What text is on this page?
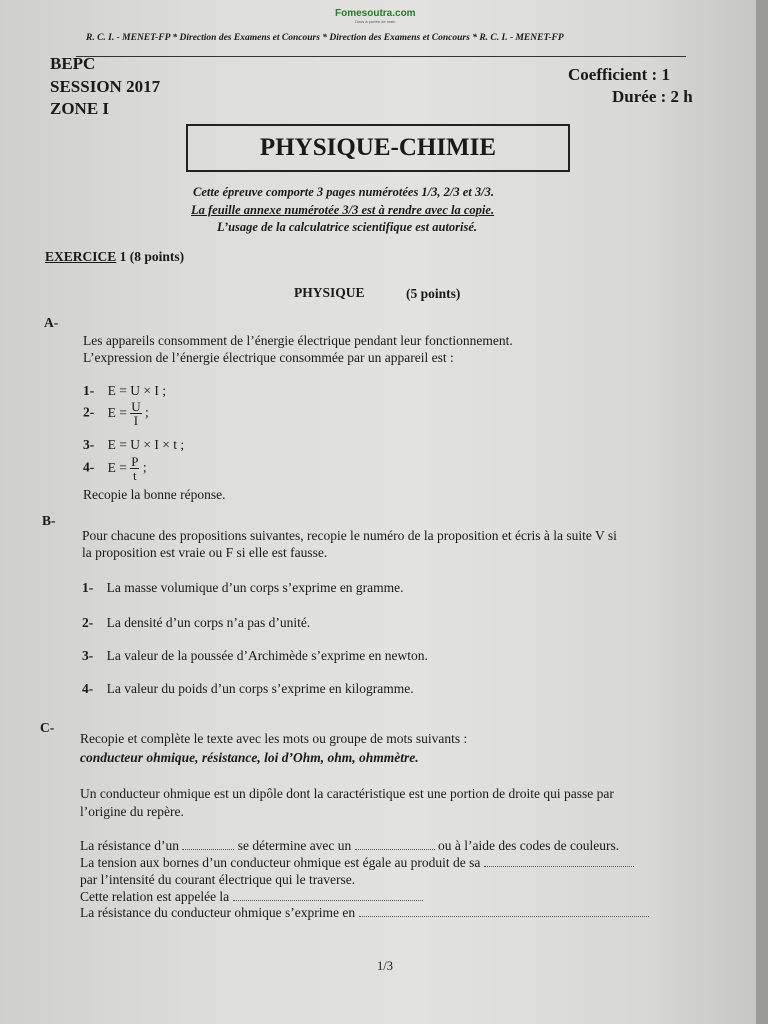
Fomesoutra.com
Docs à portée de main
R. C. I. - MENET-FP * Direction des Examens et Concours * Direction des Examens et Concours * R. C. I. - MENET-FP
BEPC
SESSION 2017
ZONE I
Coefficient : 1
Durée : 2 h
PHYSIQUE-CHIMIE
Cette épreuve comporte 3 pages numérotées 1/3, 2/3 et 3/3.
La feuille annexe numérotée 3/3 est à rendre avec la copie.
L’usage de la calculatrice scientifique est autorisé.
EXERCICE 1 (8 points)
PHYSIQUE	(5 points)
A-
Les appareils consomment de l’énergie électrique pendant leur fonctionnement.
L’expression de l’énergie électrique consommée par un appareil est :
1- E = U × I ;
2- $E = \frac{U}{I}$ ;
3- E = U × I × t ;
4- $E = \frac{P}{t}$ ;
Recopie la bonne réponse.
B-
Pour chacune des propositions suivantes, recopie le numéro de la proposition et écris à la suite V si
la proposition est vraie ou F si elle est fausse.
1- La masse volumique d’un corps s’exprime en gramme.
2- La densité d’un corps n’a pas d’unité.
3- La valeur de la poussée d’Archimède s’exprime en newton.
4- La valeur du poids d’un corps s’exprime en kilogramme.
C-
Recopie et complète le texte avec les mots ou groupe de mots suivants :
conducteur ohmique, résistance, loi d’Ohm, ohm, ohmmètre.
Un conducteur ohmique est un dipôle dont la caractéristique est une portion de droite qui passe par
l’origine du repère.
La résistance d’un	se détermine avec un	ou à l’aide des codes de couleurs.
La tension aux bornes d’un conducteur ohmique est égale au produit de sa
par l’intensité du courant électrique qui le traverse.
Cette relation est appelée la
La résistance du conducteur ohmique s’exprime en
1/3
